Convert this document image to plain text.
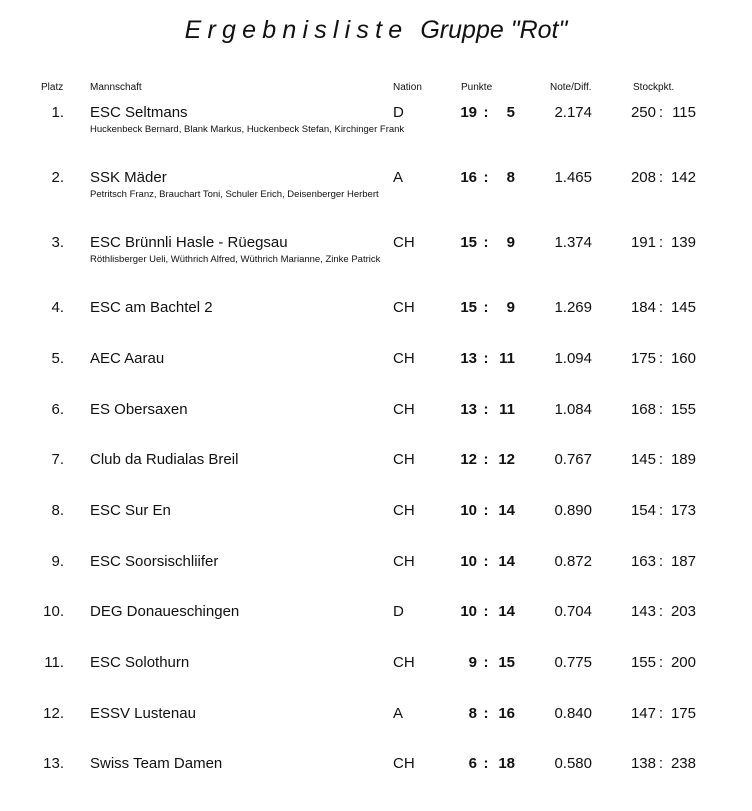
Ergebnisliste Gruppe "Rot"
Platz	Mannschaft	Nation	Punkte	Note/Diff.	Stockpkt.
1. ESC Seltmans	D	19 :	5	2.174	250 : 115
Huckenbeck Bernard, Blank Markus, Huckenbeck Stefan, Kirchinger Frank
2. SSK Mäder	A	16 :	8	1.465	208 : 142
Petritsch Franz, Brauchart Toni, Schuler Erich, Deisenberger Herbert
3. ESC Brünnli Hasle - Rüegsau	CH	15 :	9	1.374	191 : 139
Röthlisberger Ueli, Wüthrich Alfred, Wüthrich Marianne, Zinke Patrick
4. ESC am Bachtel 2	CH	15 :	9	1.269	184 : 145
5. AEC Aarau	CH	13 : 11	1.094	175 : 160
6. ES Obersaxen	CH	13 : 11	1.084	168 : 155
7. Club da Rudialas Breil	CH	12 : 12	0.767	145 : 189
8. ESC Sur En	CH	10 : 14	0.890	154 : 173
9. ESC Soorsischliifer	CH	10 : 14	0.872	163 : 187
10. DEG Donaueschingen	D	10 : 14	0.704	143 : 203
11. ESC Solothurn	CH	9 : 15	0.775	155 : 200
12. ESSV Lustenau	A	8 : 16	0.840	147 : 175
13. Swiss Team Damen	CH	6 : 18	0.580	138 : 238
